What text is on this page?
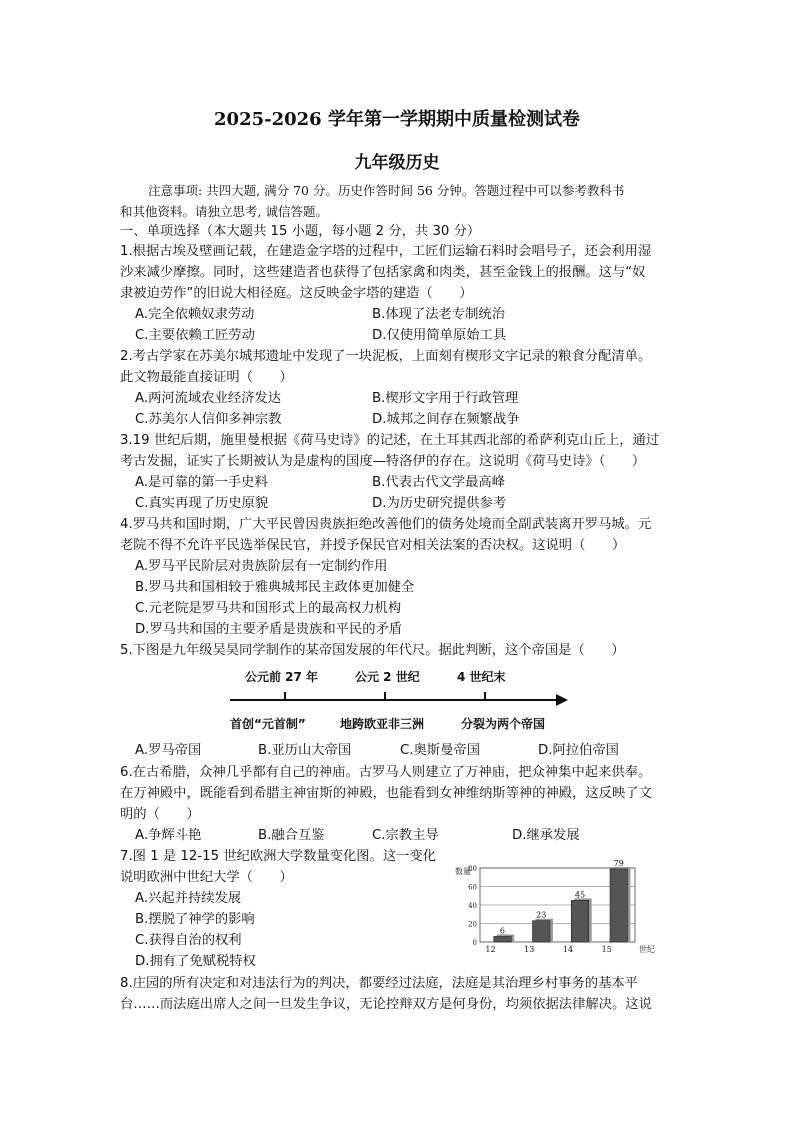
2025-2026 学年第一学期期中质量检测试卷
九年级历史
注意事项: 共四大题, 满分 70 分。历史作答时间 56 分钟。答题过程中可以参考教科书
和其他资料。请独立思考, 诚信答题。
一、单项选择（本大题共 15 小题，每小题 2 分，共 30 分）
1.根据古埃及壁画记载，在建造金字塔的过程中，工匠们运输石料时会唱号子，还会利用湿
沙来减少摩擦。同时，这些建造者也获得了包括家禽和肉类，甚至金钱上的报酬。这与“奴
隶被迫劳作”的旧说大相径庭。这反映金字塔的建造（　　）
A.完全依赖奴隶劳动	B.体现了法老专制统治
C.主要依赖工匠劳动	D.仅使用简单原始工具
2.考古学家在苏美尔城邦遗址中发现了一块泥板，上面刻有楔形文字记录的粮食分配清单。
此文物最能直接证明（　　）
A.两河流域农业经济发达	B.楔形文字用于行政管理
C.苏美尔人信仰多神宗教	D.城邦之间存在频繁战争
3.19 世纪后期，施里曼根据《荷马史诗》的记述，在土耳其西北部的希萨利克山丘上，通过
考古发掘，证实了长期被认为是虚构的国度—特洛伊的存在。这说明《荷马史诗》（　　）
A.是可靠的第一手史料	B.代表古代文学最高峰
C.真实再现了历史原貌	D.为历史研究提供参考
4.罗马共和国时期，广大平民曾因贵族拒绝改善他们的债务处境而全副武装离开罗马城。元
老院不得不允许平民选举保民官，并授予保民官对相关法案的否决权。这说明（　　）
A.罗马平民阶层对贵族阶层有一定制约作用
B.罗马共和国相较于雅典城邦民主政体更加健全
C.元老院是罗马共和国形式上的最高权力机构
D.罗马共和国的主要矛盾是贵族和平民的矛盾
5.下图是九年级吴昊同学制作的某帝国发展的年代尺。据此判断，这个帝国是（　　）
公元前 27 年	公元 2 世纪	4 世纪末
首创“元首制”	地跨欧亚非三洲	分裂为两个帝国
A.罗马帝国	B.亚历山大帝国	C.奥斯曼帝国	D.阿拉伯帝国
6.在古希腊，众神几乎都有自己的神庙。古罗马人则建立了万神庙，把众神集中起来供奉。
在万神殿中，既能看到希腊主神宙斯的神殿，也能看到女神维纳斯等神的神殿，这反映了文
明的（　　）
A.争辉斗艳	B.融合互鉴	C.宗教主导	D.继承发展
7.图 1 是 12-15 世纪欧洲大学数量变化图。这一变化
说明欧洲中世纪大学（　　）
A.兴起并持续发展
B.摆脱了神学的影响
C.获得自治的权利
D.拥有了免赋税特权
0
20
40
60
80
数量
6
12
23
13
45
14
79
15	世纪
8.庄园的所有决定和对违法行为的判决，都要经过法庭，法庭是其治理乡村事务的基本平
台……而法庭出席人之间一旦发生争议，无论控辩双方是何身份，均须依据法律解决。这说
